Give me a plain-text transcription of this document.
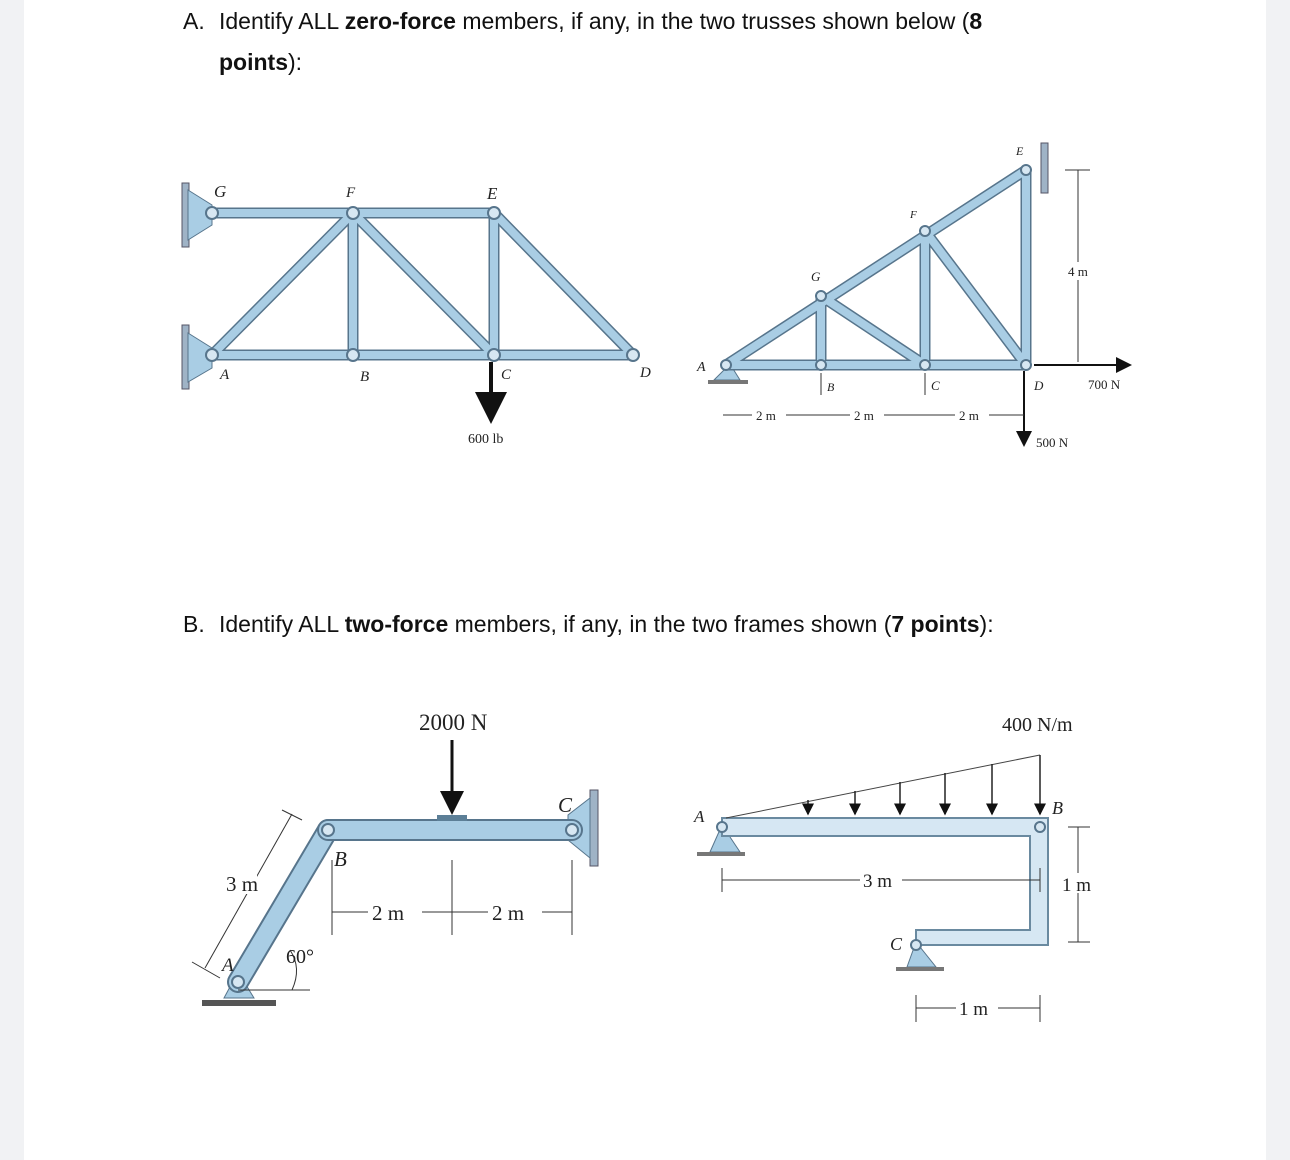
A. Identify ALL zero-force members, if any, in the two trusses shown below (8
points):
B. Identify ALL two-force members, if any, in the two frames shown (7 points):
G	F	E
A	B	C	D
600 lb
2 m	2 m	2 m
4 m
700 N
500 N
A
B	C	D
E
F
G
2000 N
3 m
2 m	2 m
60°
A
B
C
400 N/m
3 m	1 m
1 m
A	B
C
